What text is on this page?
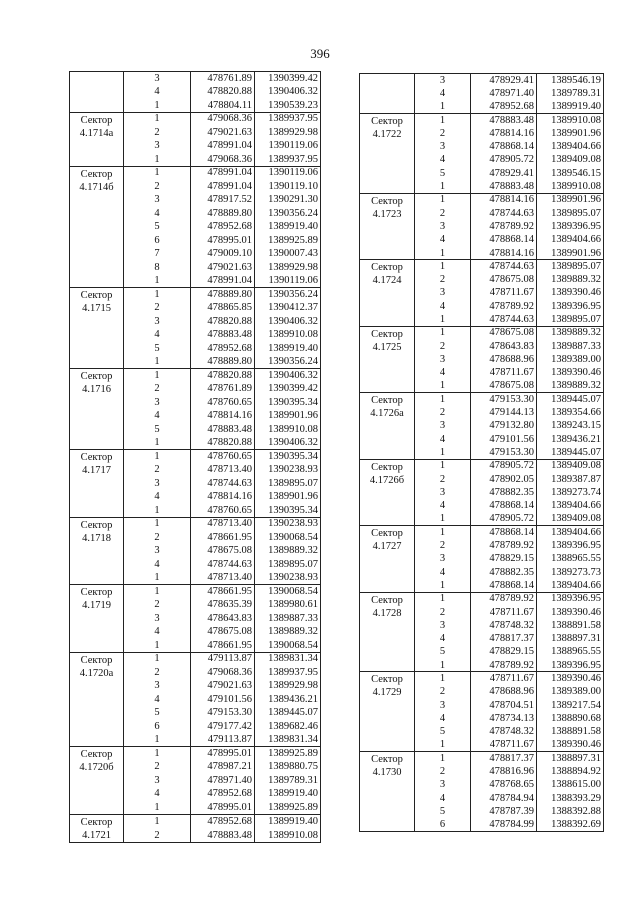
396
	3	478761.89	1390399.42
	4	478820.88	1390406.32
	1	478804.11	1390539.23

Сектор
4.1714а	1	479068.36	1389937.95
	2	479021.63	1389929.98
	3	478991.04	1390119.06
	1	479068.36	1389937.95

Сектор
4.1714б	1	478991.04	1390119.06
	2	478991.04	1390119.10
	3	478917.52	1390291.30
	4	478889.80	1390356.24
	5	478952.68	1389919.40
	6	478995.01	1389925.89
	7	479009.10	1390007.43
	8	479021.63	1389929.98
	1	478991.04	1390119.06

Сектор
4.1715	1	478889.80	1390356.24
	2	478865.85	1390412.37
	3	478820.88	1390406.32
	4	478883.48	1389910.08
	5	478952.68	1389919.40
	1	478889.80	1390356.24

Сектор
4.1716	1	478820.88	1390406.32
	2	478761.89	1390399.42
	3	478760.65	1390395.34
	4	478814.16	1389901.96
	5	478883.48	1389910.08
	1	478820.88	1390406.32

Сектор
4.1717	1	478760.65	1390395.34
	2	478713.40	1390238.93
	3	478744.63	1389895.07
	4	478814.16	1389901.96
	1	478760.65	1390395.34

Сектор
4.1718	1	478713.40	1390238.93
	2	478661.95	1390068.54
	3	478675.08	1389889.32
	4	478744.63	1389895.07
	1	478713.40	1390238.93

Сектор
4.1719	1	478661.95	1390068.54
	2	478635.39	1389980.61
	3	478643.83	1389887.33
	4	478675.08	1389889.32
	1	478661.95	1390068.54

Сектор
4.1720а	1	479113.87	1389831.34
	2	479068.36	1389937.95
	3	479021.63	1389929.98
	4	479101.56	1389436.21
	5	479153.30	1389445.07
	6	479177.42	1389682.46
	1	479113.87	1389831.34

Сектор
4.1720б	1	478995.01	1389925.89
	2	478987.21	1389880.75
	3	478971.40	1389789.31
	4	478952.68	1389919.40
	1	478995.01	1389925.89

Сектор
4.1721	1	478952.68	1389919.40
	2	478883.48	1389910.08
	3	478929.41	1389546.19
	4	478971.40	1389789.31
	1	478952.68	1389919.40

Сектор
4.1722	1	478883.48	1389910.08
	2	478814.16	1389901.96
	3	478868.14	1389404.66
	4	478905.72	1389409.08
	5	478929.41	1389546.15
	1	478883.48	1389910.08

Сектор
4.1723	1	478814.16	1389901.96
	2	478744.63	1389895.07
	3	478789.92	1389396.95
	4	478868.14	1389404.66
	1	478814.16	1389901.96

Сектор
4.1724	1	478744.63	1389895.07
	2	478675.08	1389889.32
	3	478711.67	1389390.46
	4	478789.92	1389396.95
	1	478744.63	1389895.07

Сектор
4.1725	1	478675.08	1389889.32
	2	478643.83	1389887.33
	3	478688.96	1389389.00
	4	478711.67	1389390.46
	1	478675.08	1389889.32

Сектор
4.1726а	1	479153.30	1389445.07
	2	479144.13	1389354.66
	3	479132.80	1389243.15
	4	479101.56	1389436.21
	1	479153.30	1389445.07

Сектор
4.1726б	1	478905.72	1389409.08
	2	478902.05	1389387.87
	3	478882.35	1389273.74
	4	478868.14	1389404.66
	1	478905.72	1389409.08

Сектор
4.1727	1	478868.14	1389404.66
	2	478789.92	1389396.95
	3	478829.15	1388965.55
	4	478882.35	1389273.73
	1	478868.14	1389404.66

Сектор
4.1728	1	478789.92	1389396.95
	2	478711.67	1389390.46
	3	478748.32	1388891.58
	4	478817.37	1388897.31
	5	478829.15	1388965.55
	1	478789.92	1389396.95

Сектор
4.1729	1	478711.67	1389390.46
	2	478688.96	1389389.00
	3	478704.51	1389217.54
	4	478734.13	1388890.68
	5	478748.32	1388891.58
	1	478711.67	1389390.46

Сектор
4.1730	1	478817.37	1388897.31
	2	478816.96	1388894.92
	3	478768.65	1388615.00
	4	478784.94	1388393.29
	5	478787.39	1388392.88
	6	478784.99	1388392.69
